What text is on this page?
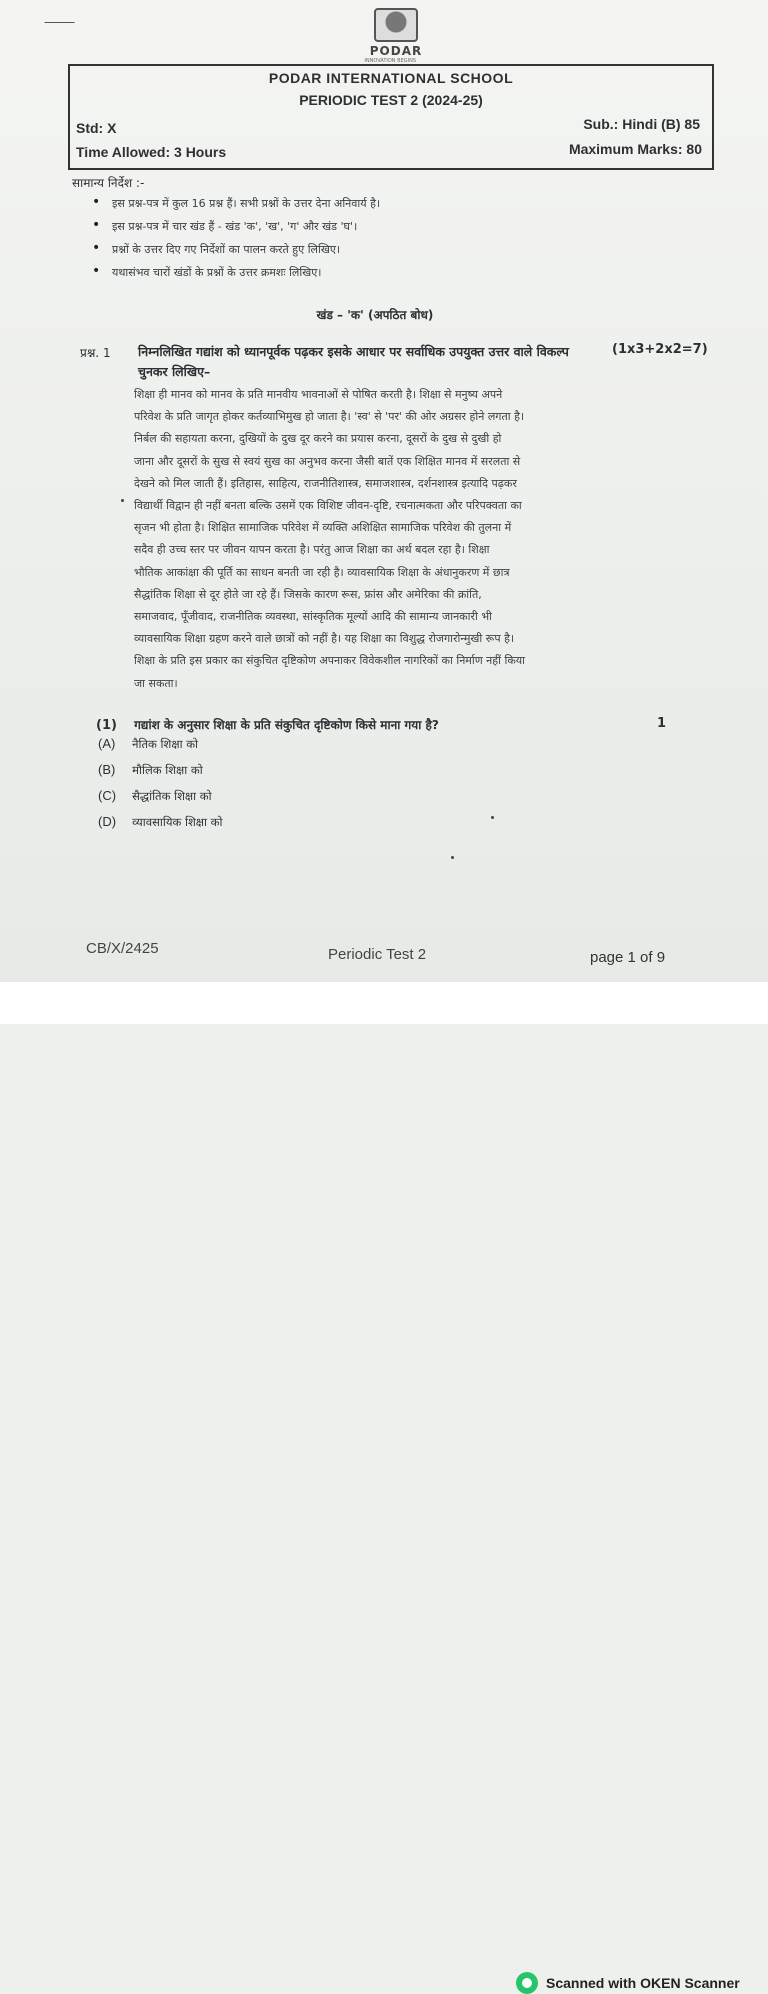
PODAR
INNOVATION BEGINS
PODAR INTERNATIONAL SCHOOL
PERIODIC TEST 2 (2024-25)
Std: X
Time Allowed: 3 Hours
Sub.: Hindi (B) 85
Maximum Marks: 80
सामान्य निर्देश :-
• इस प्रश्न-पत्र में कुल 16 प्रश्न हैं। सभी प्रश्नों के उत्तर देना अनिवार्य है।
• इस प्रश्न-पत्र में चार खंड हैं - खंड 'क', 'ख', 'ग' और खंड 'घ'।
• प्रश्नों के उत्तर दिए गए निर्देशों का पालन करते हुए लिखिए।
• यथासंभव चारों खंडों के प्रश्नों के उत्तर क्रमशः लिखिए।
खंड – 'क' (अपठित बोध)
प्रश्न. 1 निम्नलिखित गद्यांश को ध्यानपूर्वक पढ़कर इसके आधार पर सर्वाधिक उपयुक्त उत्तर वाले विकल्प चुनकर लिखिए–
(1x3+2x2=7)
शिक्षा ही मानव को मानव के प्रति मानवीय भावनाओं से पोषित करती है। शिक्षा से मनुष्य अपने
परिवेश के प्रति जागृत होकर कर्तव्याभिमुख हो जाता है। 'स्व' से 'पर' की ओर अग्रसर होने लगता है।
निर्बल की सहायता करना, दुखियों के दुख दूर करने का प्रयास करना, दूसरों के दुख से दुखी हो
जाना और दूसरों के सुख से स्वयं सुख का अनुभव करना जैसी बातें एक शिक्षित मानव में सरलता से
देखने को मिल जाती हैं। इतिहास, साहित्य, राजनीतिशास्त्र, समाजशास्त्र, दर्शनशास्त्र इत्यादि पढ़कर
विद्यार्थी विद्वान ही नहीं बनता बल्कि उसमें एक विशिष्ट जीवन-दृष्टि, रचनात्मकता और परिपक्वता का
सृजन भी होता है। शिक्षित सामाजिक परिवेश में व्यक्ति अशिक्षित सामाजिक परिवेश की तुलना में
सदैव ही उच्च स्तर पर जीवन यापन करता है। परंतु आज शिक्षा का अर्थ बदल रहा है। शिक्षा
भौतिक आकांक्षा की पूर्ति का साधन बनती जा रही है। व्यावसायिक शिक्षा के अंधानुकरण में छात्र
सैद्धांतिक शिक्षा से दूर होते जा रहे हैं। जिसके कारण रूस, फ्रांस और अमेरिका की क्रांति,
समाजवाद, पूँजीवाद, राजनीतिक व्यवस्था, सांस्कृतिक मूल्यों आदि की सामान्य जानकारी भी
व्यावसायिक शिक्षा ग्रहण करने वाले छात्रों को नहीं है। यह शिक्षा का विशुद्ध रोजगारोन्मुखी रूप है।
शिक्षा के प्रति इस प्रकार का संकुचित दृष्टिकोण अपनाकर विवेकशील नागरिकों का निर्माण नहीं किया
जा सकता।
(1) गद्यांश के अनुसार शिक्षा के प्रति संकुचित दृष्टिकोण किसे माना गया है?	1
(A) नैतिक शिक्षा को
(B) मौलिक शिक्षा को
(C) सैद्धांतिक शिक्षा को
(D) व्यावसायिक शिक्षा को
CB/X/2425	Periodic Test 2	page 1 of 9
Scanned with OKEN Scanner
